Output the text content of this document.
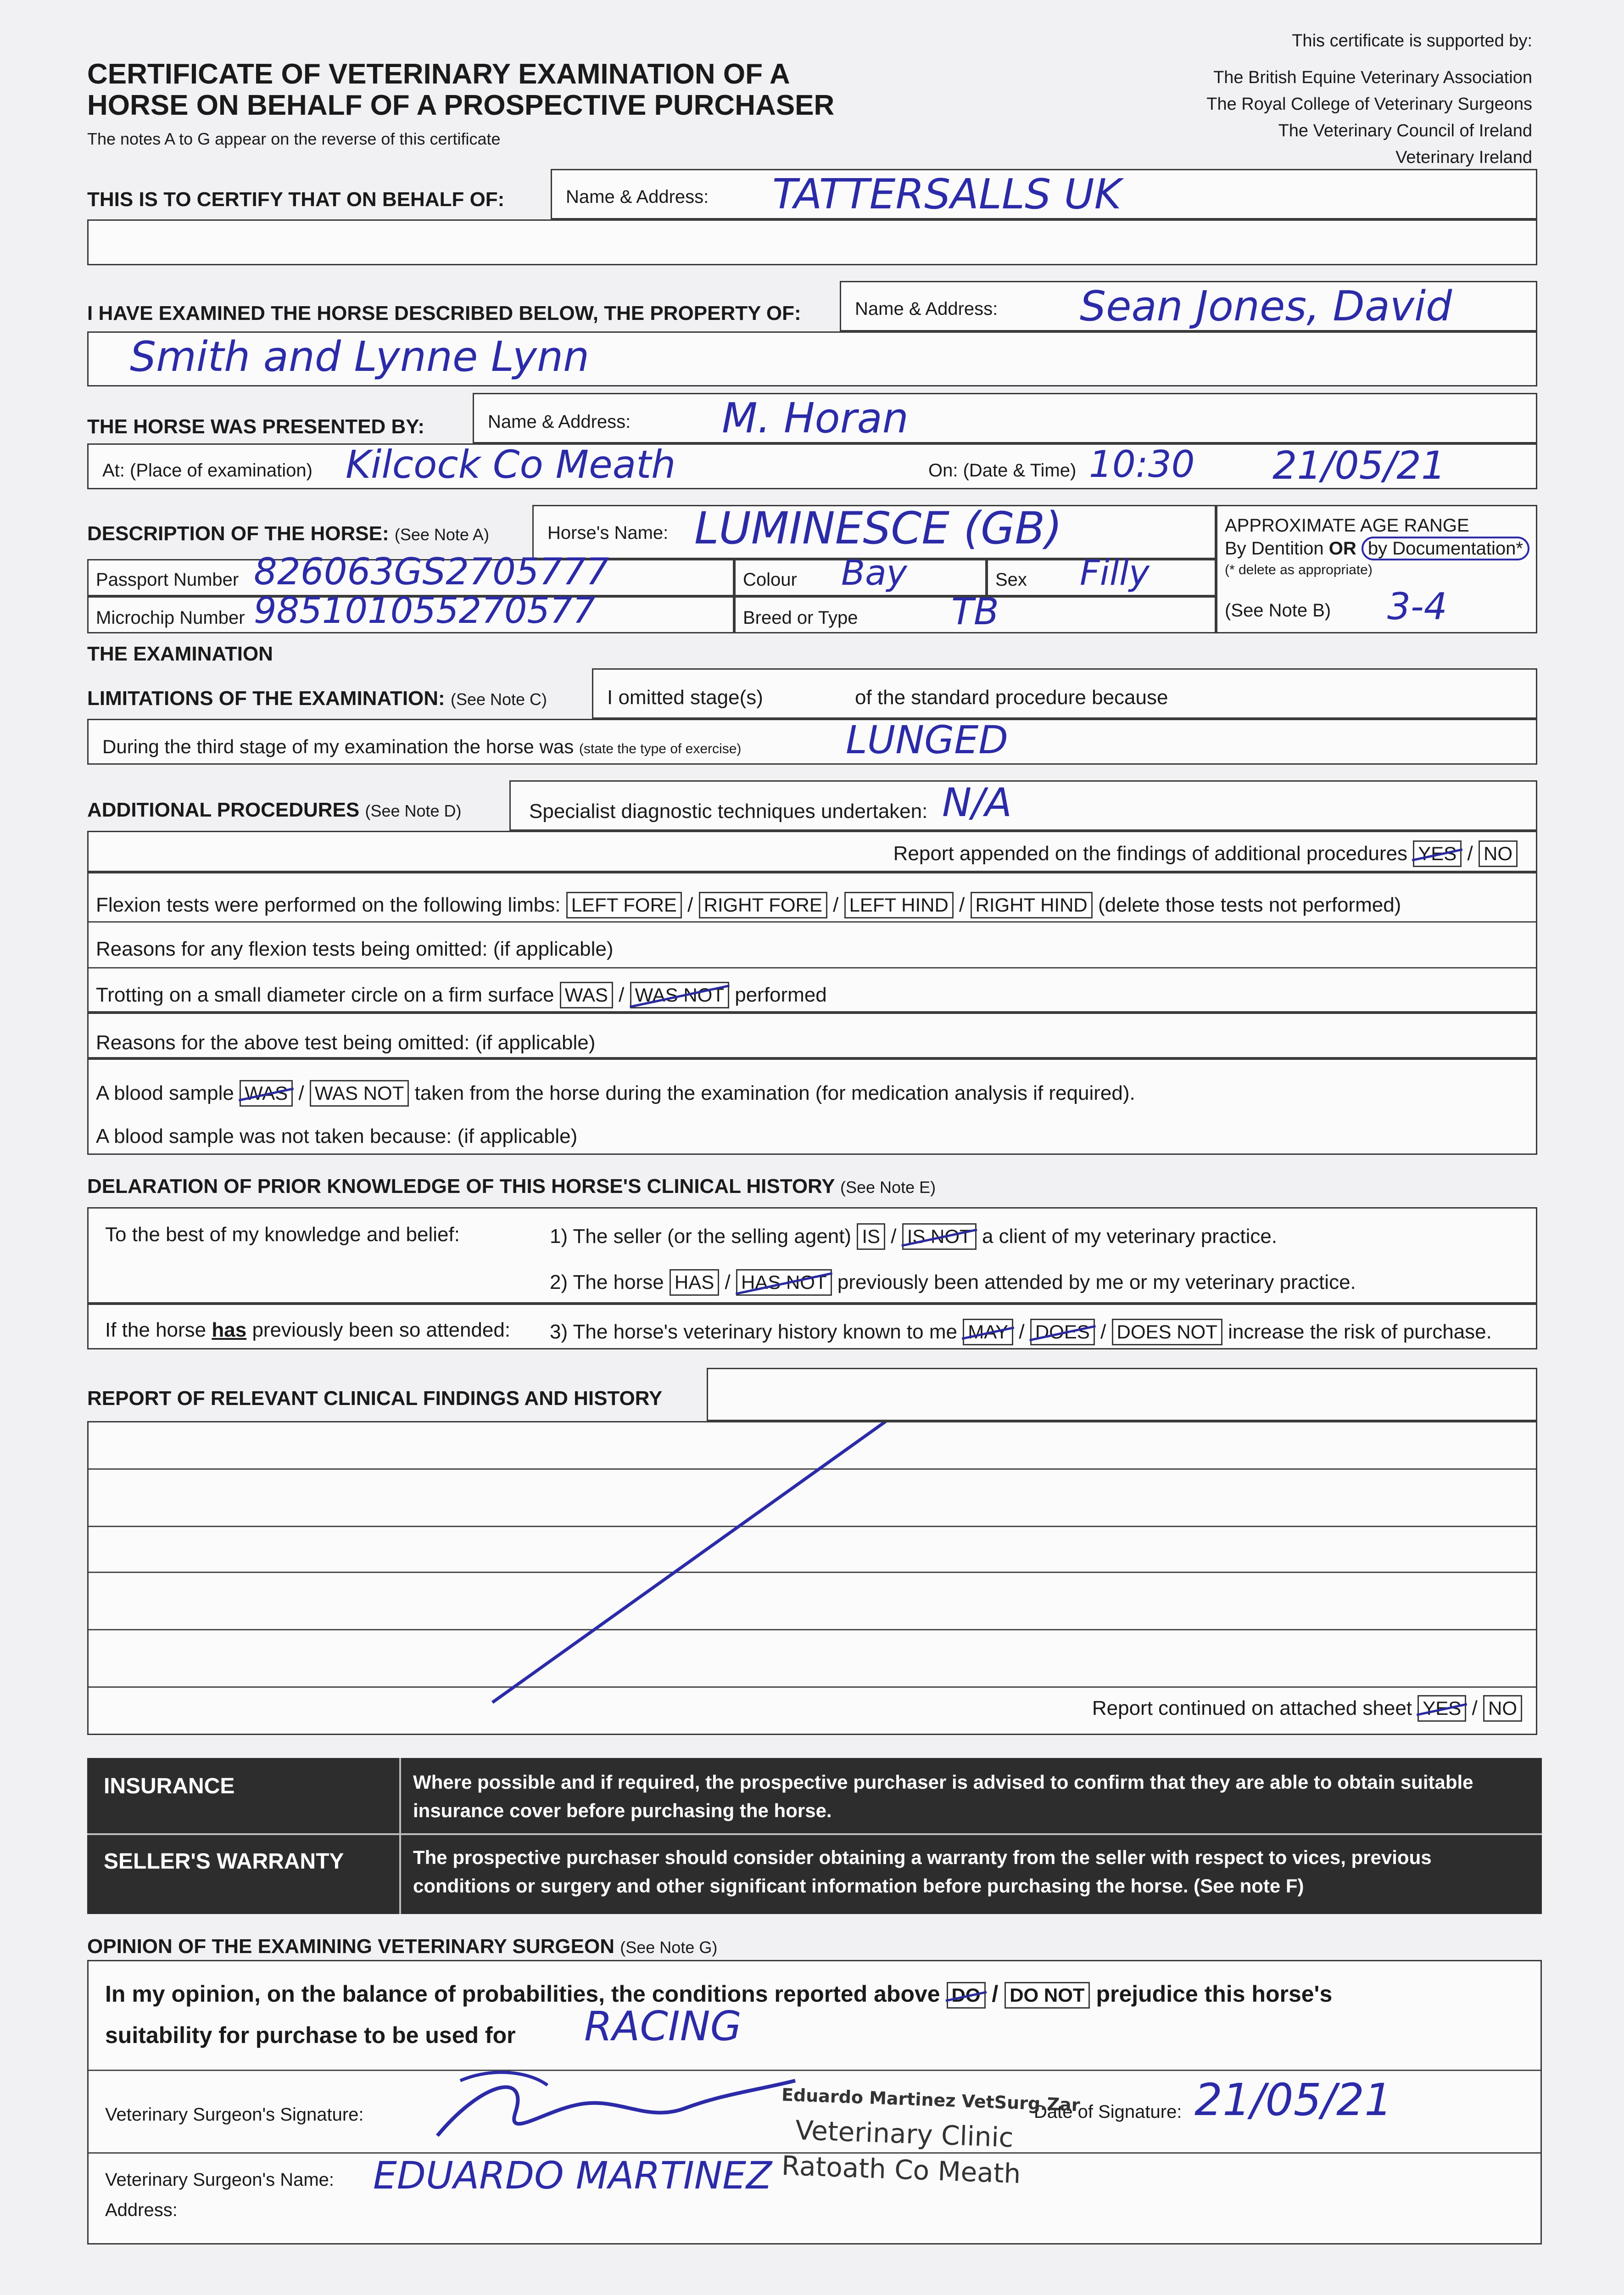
CERTIFICATE OF VETERINARY EXAMINATION OF A
HORSE ON BEHALF OF A PROSPECTIVE PURCHASER
The notes A to G appear on the reverse of this certificate
This certificate is supported by:
The British Equine Veterinary Association
The Royal College of Veterinary Surgeons
The Veterinary Council of Ireland
Veterinary Ireland
THIS IS TO CERTIFY THAT ON BEHALF OF:	Name & Address: TATTERSALLS UK
I HAVE EXAMINED THE HORSE DESCRIBED BELOW, THE PROPERTY OF:	Name & Address: Sean Jones, David
Smith and Lynne Lynn
THE HORSE WAS PRESENTED BY:	Name & Address: M. Horan
At: (Place of examination) Kilcock Co Meath	On: (Date & Time) 10:30 21/05/21
DESCRIPTION OF THE HORSE: (See Note A)	Horse's Name: LUMINESCE (GB)	APPROXIMATE AGE RANGE
By Dentition OR by Documentation*
(* delete as appropriate)
(See Note B) 3-4
Passport Number 826063GS2705777	Colour Bay	Sex Filly
Microchip Number 985101055270577	Breed or Type	TB
THE EXAMINATION
LIMITATIONS OF THE EXAMINATION: (See Note C)	I omitted stage(s)	of the standard procedure because
During the third stage of my examination the horse was (state the type of exercise)	LUNGED
ADDITIONAL PROCEDURES (See Note D)	Specialist diagnostic techniques undertaken: N/A
Report appended on the findings of additional procedures YES / NO
Flexion tests were performed on the following limbs: LEFT FORE / RIGHT FORE / LEFT HIND / RIGHT HIND (delete those tests not performed)
Reasons for any flexion tests being omitted: (if applicable)
Trotting on a small diameter circle on a firm surface WAS / WAS NOT performed
Reasons for the above test being omitted: (if applicable)
A blood sample WAS / WAS NOT taken from the horse during the examination (for medication analysis if required).
A blood sample was not taken because: (if applicable)
DELARATION OF PRIOR KNOWLEDGE OF THIS HORSE'S CLINICAL HISTORY (See Note E)
To the best of my knowledge and belief:	1) The seller (or the selling agent) IS / IS NOT a client of my veterinary practice.
2) The horse HAS / HAS NOT previously been attended by me or my veterinary practice.
If the horse has previously been so attended: 3) The horse's veterinary history known to me MAY / DOES / DOES NOT increase the risk of purchase.
REPORT OF RELEVANT CLINICAL FINDINGS AND HISTORY
Report continued on attached sheet YES / NO
INSURANCE	Where possible and if required, the prospective purchaser is advised to confirm that they are able to obtain suitable insurance cover before purchasing the horse.
SELLER'S WARRANTY	The prospective purchaser should consider obtaining a warranty from the seller with respect to vices, previous conditions or surgery and other significant information before purchasing the horse. (See note F)
OPINION OF THE EXAMINING VETERINARY SURGEON (See Note G)
In my opinion, on the balance of probabilities, the conditions reported above DO / DO NOT prejudice this horse's
suitability for purchase to be used for RACING
Veterinary Surgeon's Signature:
Veterinary Surgeon's Name: EDUARDO MARTINEZ
Address:
Date of Signature: 21/05/21
Eduardo Martinez VetSurg.Zar
Veterinary Clinic
Ratoath Co Meath
